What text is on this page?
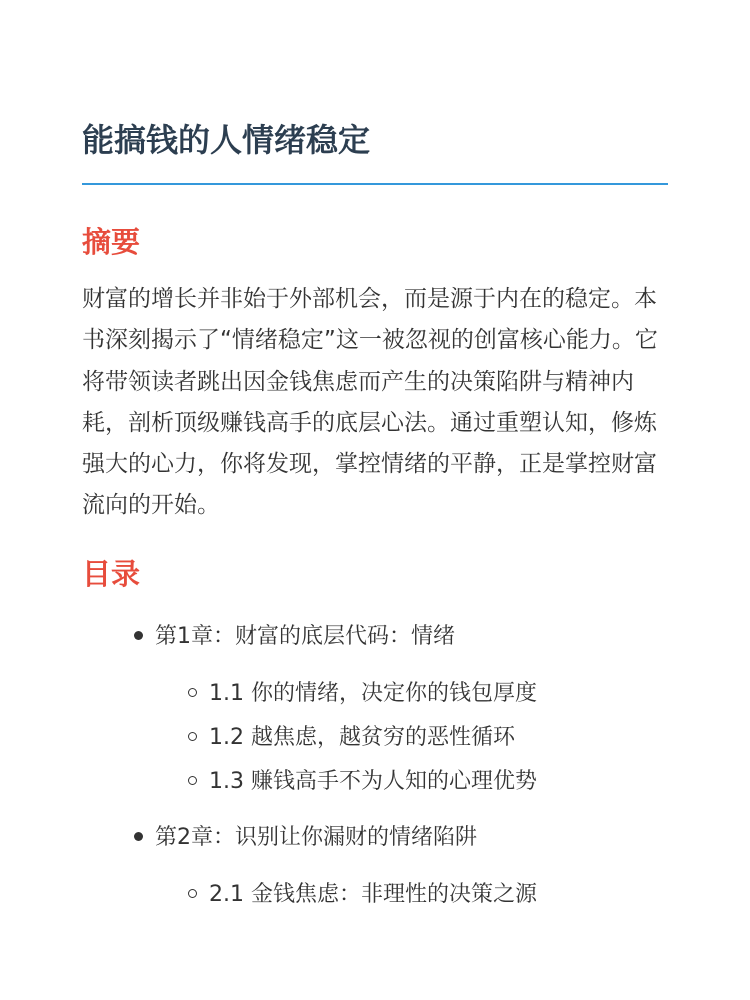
能搞钱的人情绪稳定
摘要

财富的增长并非始于外部机会，而是源于内在的稳定。本书深刻揭示了“情绪稳定”这一被忽视的创富核心能力。它将带领读者跳出因金钱焦虑而产生的决策陷阱与精神内耗，剖析顶级赚钱高手的底层心法。通过重塑认知，修炼强大的心力，你将发现，掌控情绪的平静，正是掌控财富流向的开始。

目录
第1章：财富的底层代码：情绪
1.1 你的情绪，决定你的钱包厚度
1.2 越焦虑，越贫穷的恶性循环
1.3 赚钱高手不为人知的心理优势
第2章：识别让你漏财的情绪陷阱
2.1 金钱焦虑：非理性的决策之源
